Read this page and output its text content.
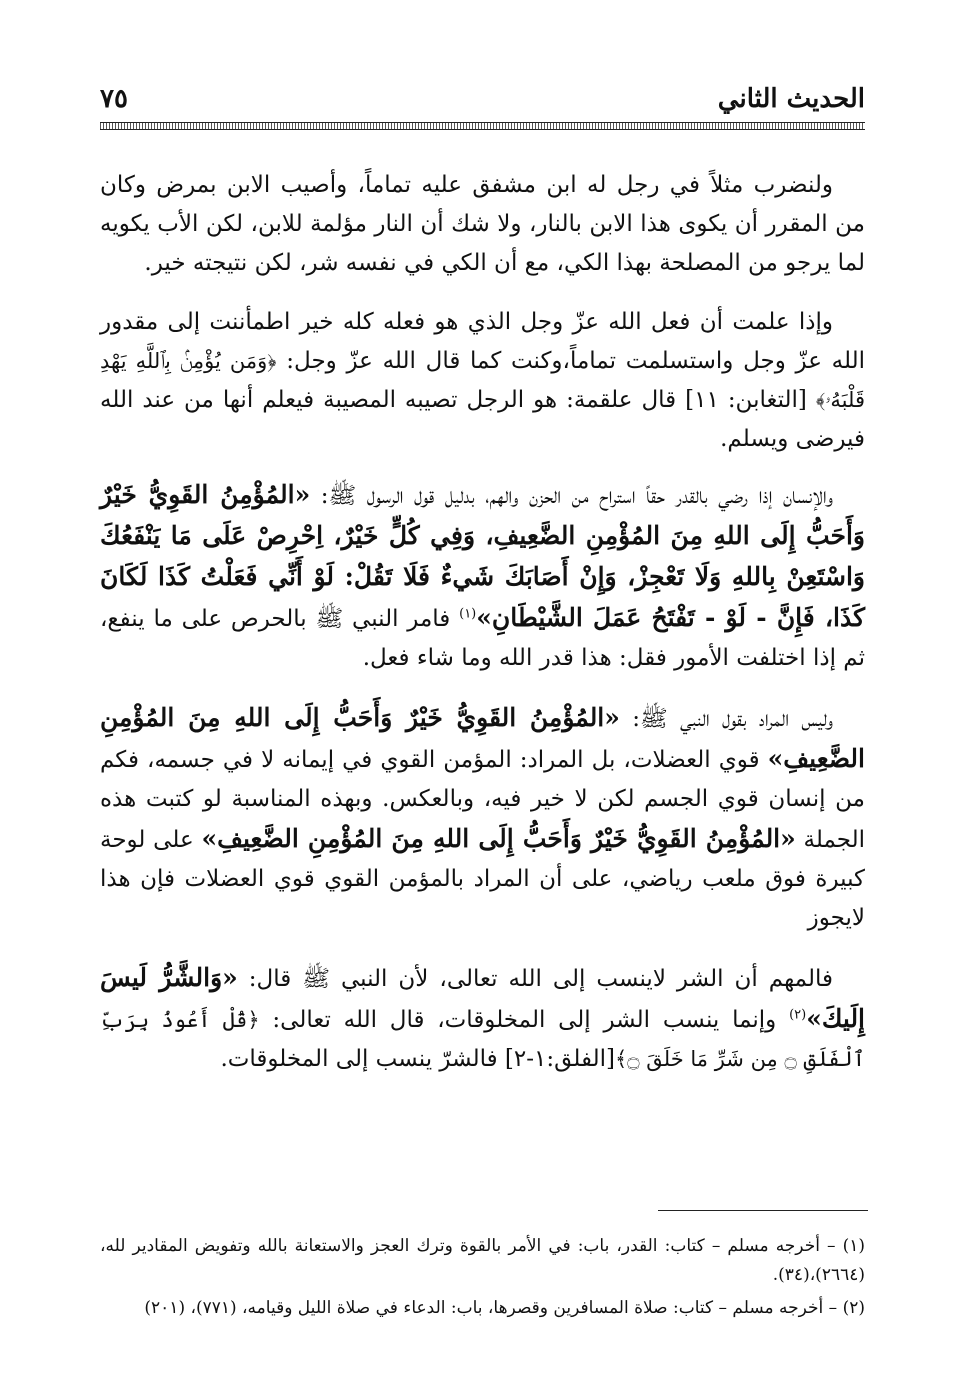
الحديث الثاني
٧٥

ولنضرب مثلاً في رجل له ابن مشفق عليه تماماً، وأصيب الابن بمرض وكان من المقرر أن يكوى هذا الابن بالنار، ولا شك أن النار مؤلمة للابن، لكن الأب يكويه لما يرجو من المصلحة بهذا الكي، مع أن الكي في نفسه شر، لكن نتيجته خير.

وإذا علمت أن فعل الله عزّ وجل الذي هو فعله كله خير اطمأننت إلى مقدور الله عزّ وجل واستسلمت تماماً،وكنت كما قال الله عزّ وجل: ﴿وَمَن يُؤْمِنۢ بِٱللَّهِ يَهْدِ قَلْبَهُۥ﴾ [التغابن: ١١] قال علقمة: هو الرجل تصيبه المصيبة فيعلم أنها من عند الله فيرضى ويسلم.

والإنسان إذا رضي بالقدر حقاً استراح من الحزن والهم، بدليل قول الرسول ﷺ: «المُؤْمِنُ القَوِيُّ خَيْرٌ وَأَحَبُّ إِلَى اللهِ مِنَ المُؤْمِنِ الضَّعِيفِ، وَفِي كُلٍّ خَيْرٌ، اِحْرِصْ عَلَى مَا يَنْفَعُكَ وَاسْتَعِنْ بِاللهِ وَلَا تَعْجِزْ، وَإِنْ أَصَابَكَ شَيءٌ فَلَا تَقُلْ: لَوْ أَنِّي فَعَلْتُ كَذَا لَكَانَ كَذَا، فَإِنَّ - لَوْ - تَفْتَحُ عَمَلَ الشَّيْطَانِ»$^{(١)}$ فامر النبي ﷺ بالحرص على ما ينفع، ثم إذا اختلفت الأمور فقل: هذا قدر الله وما شاء فعل.

وليس المراد بقول النبي ﷺ: «المُؤْمِنُ القَوِيُّ خَيْرٌ وَأَحَبُّ إِلَى اللهِ مِنَ المُؤْمِنِ الضَّعِيفِ» قوي العضلات، بل المراد: المؤمن القوي في إيمانه لا في جسمه، فكم من إنسان قوي الجسم لكن لا خير فيه، وبالعكس. وبهذه المناسبة لو كتبت هذه الجملة «المُؤْمِنُ القَوِيُّ خَيْرٌ وَأَحَبُّ إِلَى اللهِ مِنَ المُؤْمِنِ الضَّعِيفِ» على لوحة كبيرة فوق ملعب رياضي، على أن المراد بالمؤمن القوي قوي العضلات فإن هذا لايجوز

فالمهم أن الشر لاينسب إلى الله تعالى، لأن النبي ﷺ قال: «وَالشَّرُّ لَيسَ إِلَيكَ»$^{(٢)}$ وإنما ينسب الشر إلى المخلوقات، قال الله تعالى: ﴿قُلْ أَعُوذُ بِرَبِّ ٱلْفَلَقِ ۝ مِن شَرِّ مَا خَلَقَ ۝﴾[الفلق:١-٢] فالشرّ ينسب إلى المخلوقات.

(١) – أخرجه مسلم – كتاب: القدر، باب: في الأمر بالقوة وترك العجز والاستعانة بالله وتفويض المقادير لله، (٢٦٦٤)،(٣٤).

(٢) – أخرجه مسلم – كتاب: صلاة المسافرين وقصرها، باب: الدعاء في صلاة الليل وقيامه، (٧٧١)، (٢٠١)
